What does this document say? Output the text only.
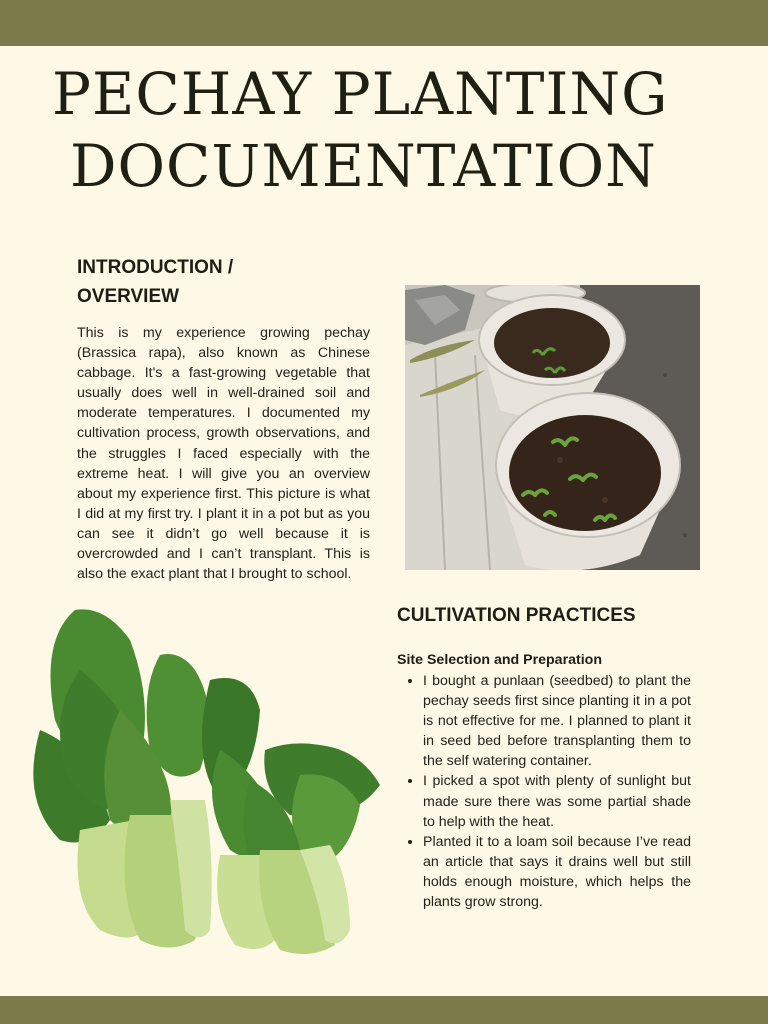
PECHAY PLANTING
DOCUMENTATION
INTRODUCTION /
OVERVIEW

This is my experience growing pechay (Brassica rapa), also known as Chinese cabbage. It's a fast-growing vegetable that usually does well in well-drained soil and moderate temperatures. I documented my cultivation process, growth observations, and the struggles I faced especially with the extreme heat. I will give you an overview about my experience first. This picture is what I did at my first try. I plant it in a pot but as you can see it didn’t go well because it is overcrowded and I can’t transplant. This is also the exact plant that I brought to school.

CULTIVATION PRACTICES

Site Selection and Preparation

• I bought a punlaan (seedbed) to plant the pechay seeds first since planting it in a pot is not effective for me. I planned to plant it in seed bed before transplanting them to the self watering container.
• I picked a spot with plenty of sunlight but made sure there was some partial shade to help with the heat.
• Planted it to a loam soil because I’ve read an article that says it drains well but still holds enough moisture, which helps the plants grow strong.
